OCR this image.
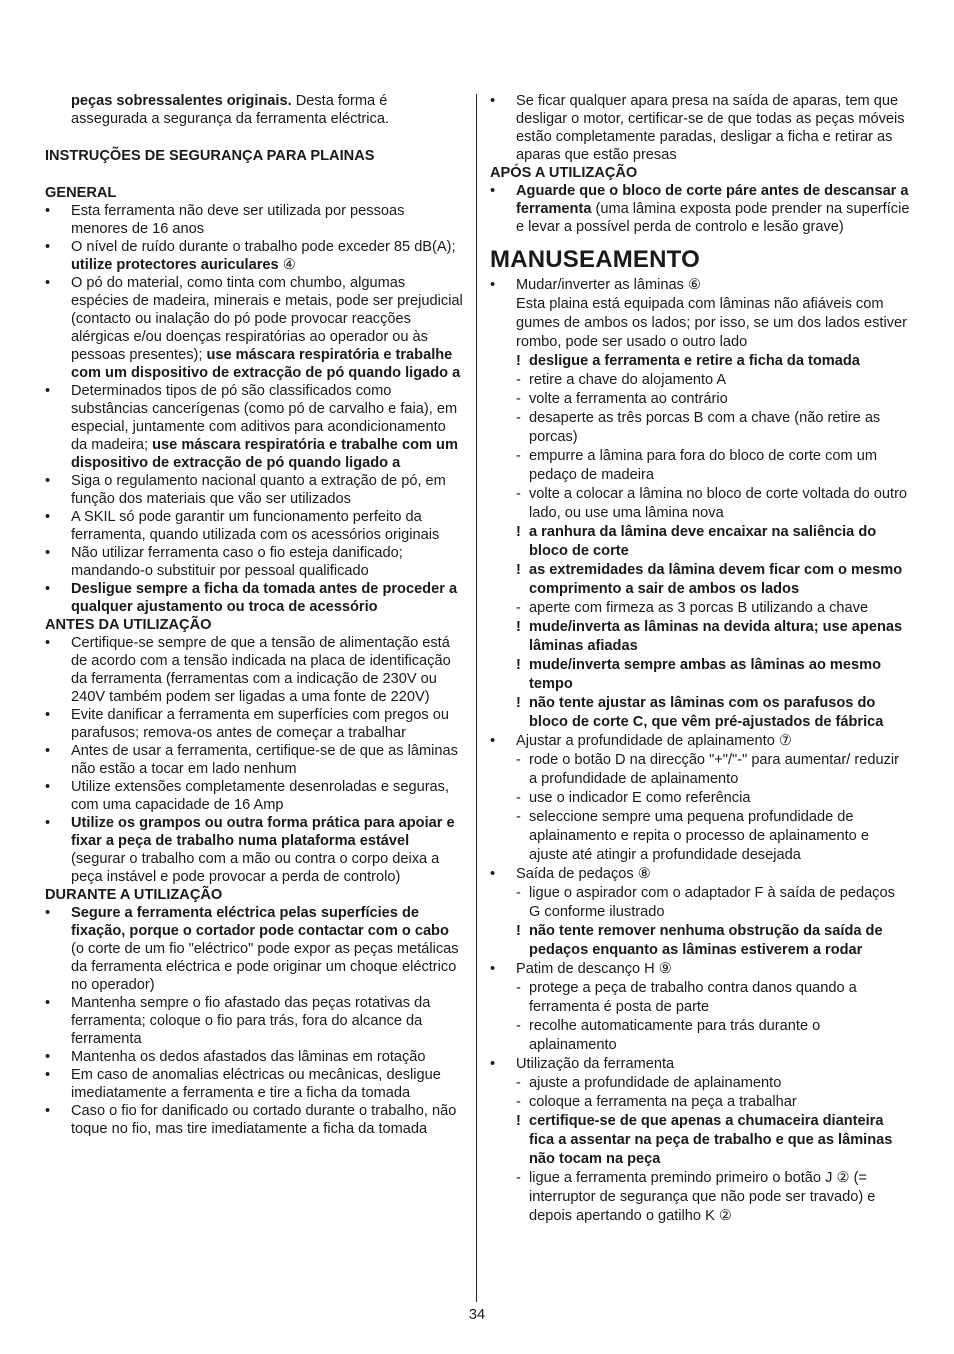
peças sobressalentes originais. Desta forma é assegurada a segurança da ferramenta eléctrica.

INSTRUÇÕES DE SEGURANÇA PARA PLAINAS

GENERAL

• Esta ferramenta não deve ser utilizada por pessoas menores de 16 anos
• O nível de ruído durante o trabalho pode exceder 85 dB(A); utilize protectores auriculares ④
• O pó do material, como tinta com chumbo, algumas espécies de madeira, minerais e metais, pode ser prejudicial (contacto ou inalação do pó pode provocar reacções alérgicas e/ou doenças respiratórias ao operador ou às pessoas presentes); use máscara respiratória e trabalhe com um dispositivo de extracção de pó quando ligado a
• Determinados tipos de pó são classificados como substâncias cancerígenas (como pó de carvalho e faia), em especial, juntamente com aditivos para acondicionamento da madeira; use máscara respiratória e trabalhe com um dispositivo de extracção de pó quando ligado a
• Siga o regulamento nacional quanto a extração de pó, em função dos materiais que vão ser utilizados
• A SKIL só pode garantir um funcionamento perfeito da ferramenta, quando utilizada com os acessórios originais
• Não utilizar ferramenta caso o fio esteja danificado; mandando-o substituir por pessoal qualificado
• Desligue sempre a ficha da tomada antes de proceder a qualquer ajustamento ou troca de acessório

ANTES DA UTILIZAÇÃO

• Certifique-se sempre de que a tensão de alimentação está de acordo com a tensão indicada na placa de identificação da ferramenta (ferramentas com a indicação de 230V ou 240V também podem ser ligadas a uma fonte de 220V)
• Evite danificar a ferramenta em superfícies com pregos ou parafusos; remova-os antes de começar a trabalhar
• Antes de usar a ferramenta, certifique-se de que as lâminas não estão a tocar em lado nenhum
• Utilize extensões completamente desenroladas e seguras, com uma capacidade de 16 Amp
• Utilize os grampos ou outra forma prática para apoiar e fixar a peça de trabalho numa plataforma estável (segurar o trabalho com a mão ou contra o corpo deixa a peça instável e pode provocar a perda de controlo)

DURANTE A UTILIZAÇÃO

• Segure a ferramenta eléctrica pelas superfícies de fixação, porque o cortador pode contactar com o cabo (o corte de um fio "eléctrico" pode expor as peças metálicas da ferramenta eléctrica e pode originar um choque eléctrico no operador)
• Mantenha sempre o fio afastado das peças rotativas da ferramenta; coloque o fio para trás, fora do alcance da ferramenta
• Mantenha os dedos afastados das lâminas em rotação
• Em caso de anomalias eléctricas ou mecânicas, desligue imediatamente a ferramenta e tire a ficha da tomada
• Caso o fio for danificado ou cortado durante o trabalho, não toque no fio, mas tire imediatamente a ficha da tomada
• Se ficar qualquer apara presa na saída de aparas, tem que desligar o motor, certificar-se de que todas as peças móveis estão completamente paradas, desligar a ficha e retirar as aparas que estão presas

APÓS A UTILIZAÇÃO

• Aguarde que o bloco de corte páre antes de descansar a ferramenta (uma lâmina exposta pode prender na superfície e levar a possível perda de controlo e lesão grave)
MANUSEAMENTO
• Mudar/inverter as lâminas ⑥
Esta plaina está equipada com lâminas não afiáveis com gumes de ambos os lados; por isso, se um dos lados estiver rombo, pode ser usado o outro lado
! desligue a ferramenta e retire a ficha da tomada
- retire a chave do alojamento A
- volte a ferramenta ao contrário
- desaperte as três porcas B com a chave (não retire as porcas)
- empurre a lâmina para fora do bloco de corte com um pedaço de madeira
- volte a colocar a lâmina no bloco de corte voltada do outro lado, ou use uma lâmina nova
! a ranhura da lâmina deve encaixar na saliência do bloco de corte
! as extremidades da lâmina devem ficar com o mesmo comprimento a sair de ambos os lados
- aperte com firmeza as 3 porcas B utilizando a chave
! mude/inverta as lâminas na devida altura; use apenas lâminas afiadas
! mude/inverta sempre ambas as lâminas ao mesmo tempo
! não tente ajustar as lâminas com os parafusos do bloco de corte C, que vêm pré-ajustados de fábrica
• Ajustar a profundidade de aplainamento ⑦
- rode o botão D na direcção "+"/"-" para aumentar/ reduzir a profundidade de aplainamento
- use o indicador E como referência
- seleccione sempre uma pequena profundidade de aplainamento e repita o processo de aplainamento e ajuste até atingir a profundidade desejada
• Saída de pedaços ⑧
- ligue o aspirador com o adaptador F à saída de pedaços G conforme ilustrado
! não tente remover nenhuma obstrução da saída de pedaços enquanto as lâminas estiverem a rodar
• Patim de descanço H ⑨
- protege a peça de trabalho contra danos quando a ferramenta é posta de parte
- recolhe automaticamente para trás durante o aplainamento
• Utilização da ferramenta
- ajuste a profundidade de aplainamento
- coloque a ferramenta na peça a trabalhar
! certifique-se de que apenas a chumaceira dianteira fica a assentar na peça de trabalho e que as lâminas não tocam na peça
- ligue a ferramenta premindo primeiro o botão J ② (= interruptor de segurança que não pode ser travado) e depois apertando o gatilho K ②
34
